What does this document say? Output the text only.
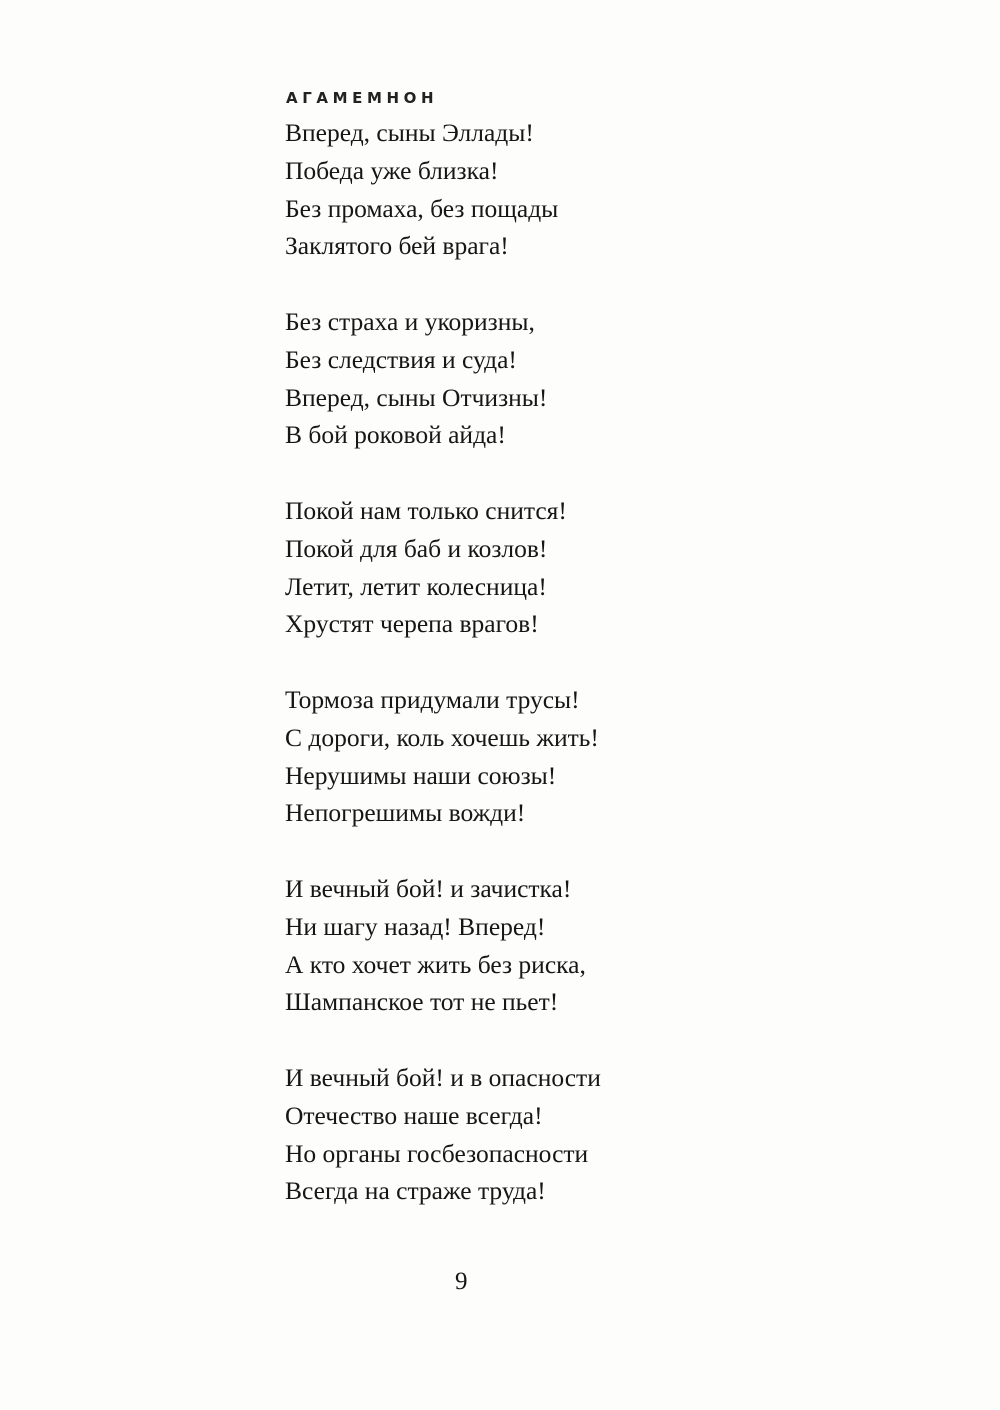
АГАМЕМНОН
Вперед, сыны Эллады!
Победа уже близка!
Без промаха, без пощады
Заклятого бей врага!
Без страха и укоризны,
Без следствия и суда!
Вперед, сыны Отчизны!
В бой роковой айда!
Покой нам только снится!
Покой для баб и козлов!
Летит, летит колесница!
Хрустят черепа врагов!
Тормоза придумали трусы!
С дороги, коль хочешь жить!
Нерушимы наши союзы!
Непогрешимы вожди!
И вечный бой! и зачистка!
Ни шагу назад! Вперед!
А кто хочет жить без риска,
Шампанское тот не пьет!
И вечный бой! и в опасности
Отечество наше всегда!
Но органы госбезопасности
Всегда на страже труда!
9
